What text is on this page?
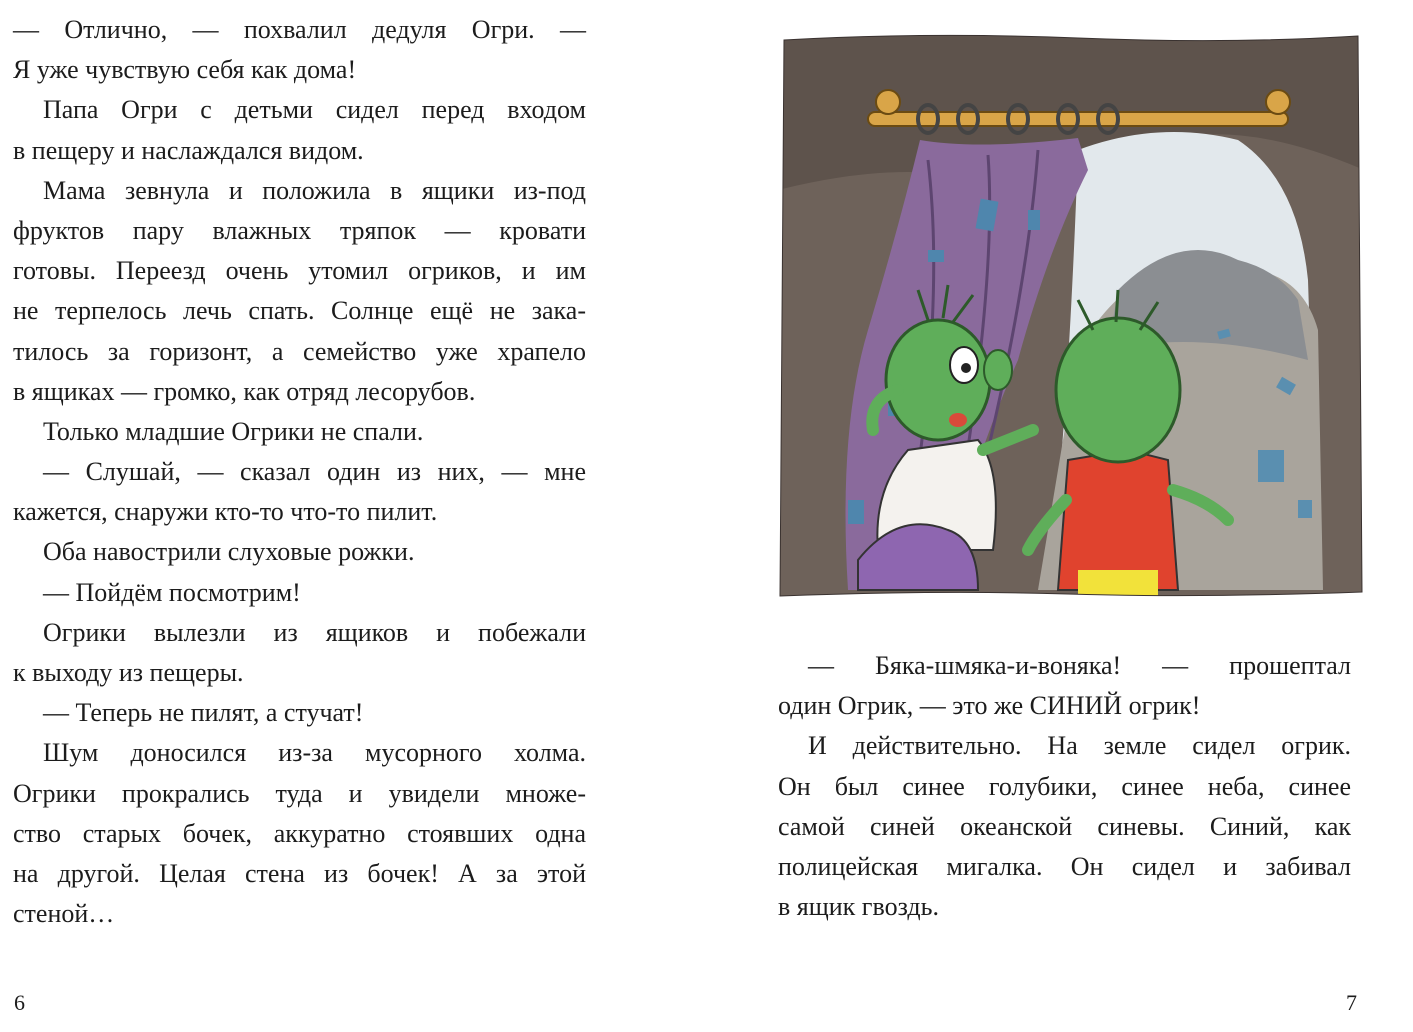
— Отлично, — похвалил дедуля Огри. —
Я уже чувствую себя как дома!
Папа Огри с детьми сидел перед входом
в пещеру и наслаждался видом.
Мама зевнула и положила в ящики из-под
фруктов пару влажных тряпок — кровати
готовы. Переезд очень утомил огриков, и им
не терпелось лечь спать. Солнце ещё не зака-
тилось за горизонт, а семейство уже храпело
в ящиках — громко, как отряд лесорубов.
Только младшие Огрики не спали.
— Слушай, — сказал один из них, — мне
кажется, снаружи кто-то что-то пилит.
Оба навострили слуховые рожки.
— Пойдём посмотрим!
Огрики вылезли из ящиков и побежали
к выходу из пещеры.
— Теперь не пилят, а стучат!
Шум доносился из-за мусорного холма.
Огрики прокрались туда и увидели множе-
ство старых бочек, аккуратно стоявших одна
на другой. Целая стена из бочек! А за этой
стеной…
6
— Бяка-шмяка-и-воняка! — прошептал
один Огрик, — это же СИНИЙ огрик!
И действительно. На земле сидел огрик.
Он был синее голубики, синее неба, синее
самой синей океанской синевы. Синий, как
полицейская мигалка. Он сидел и забивал
в ящик гвоздь.
7
